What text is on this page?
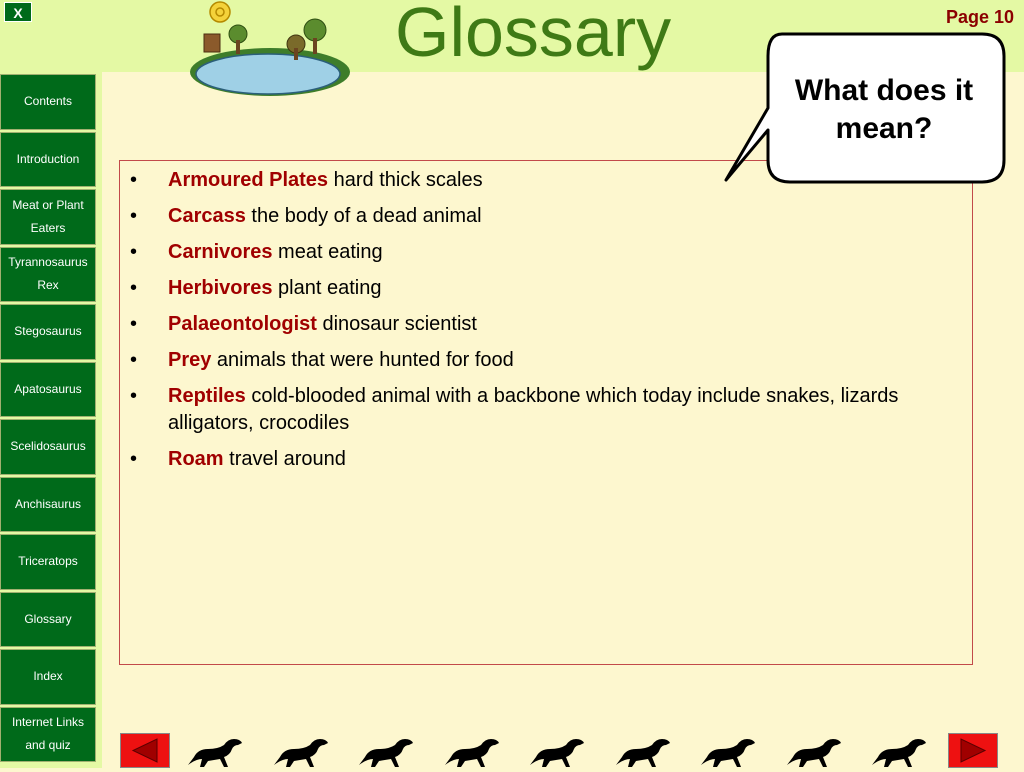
X
Contents
Introduction
Meat or Plant Eaters
Tyrannosaurus Rex
Stegosaurus
Apatosaurus
Scelidosaurus
Anchisaurus
Triceratops
Glossary
Index
Internet Links and quiz
Glossary	Page 10
• Armoured Plates hard thick scales
• Carcass the body of a dead animal
• Carnivores meat eating
• Herbivores plant eating
• Palaeontologist dinosaur scientist
• Prey animals that were hunted for food
• Reptiles cold-blooded animal with a backbone which today include snakes, lizards alligators, crocodiles
• Roam travel around
What does it mean?
